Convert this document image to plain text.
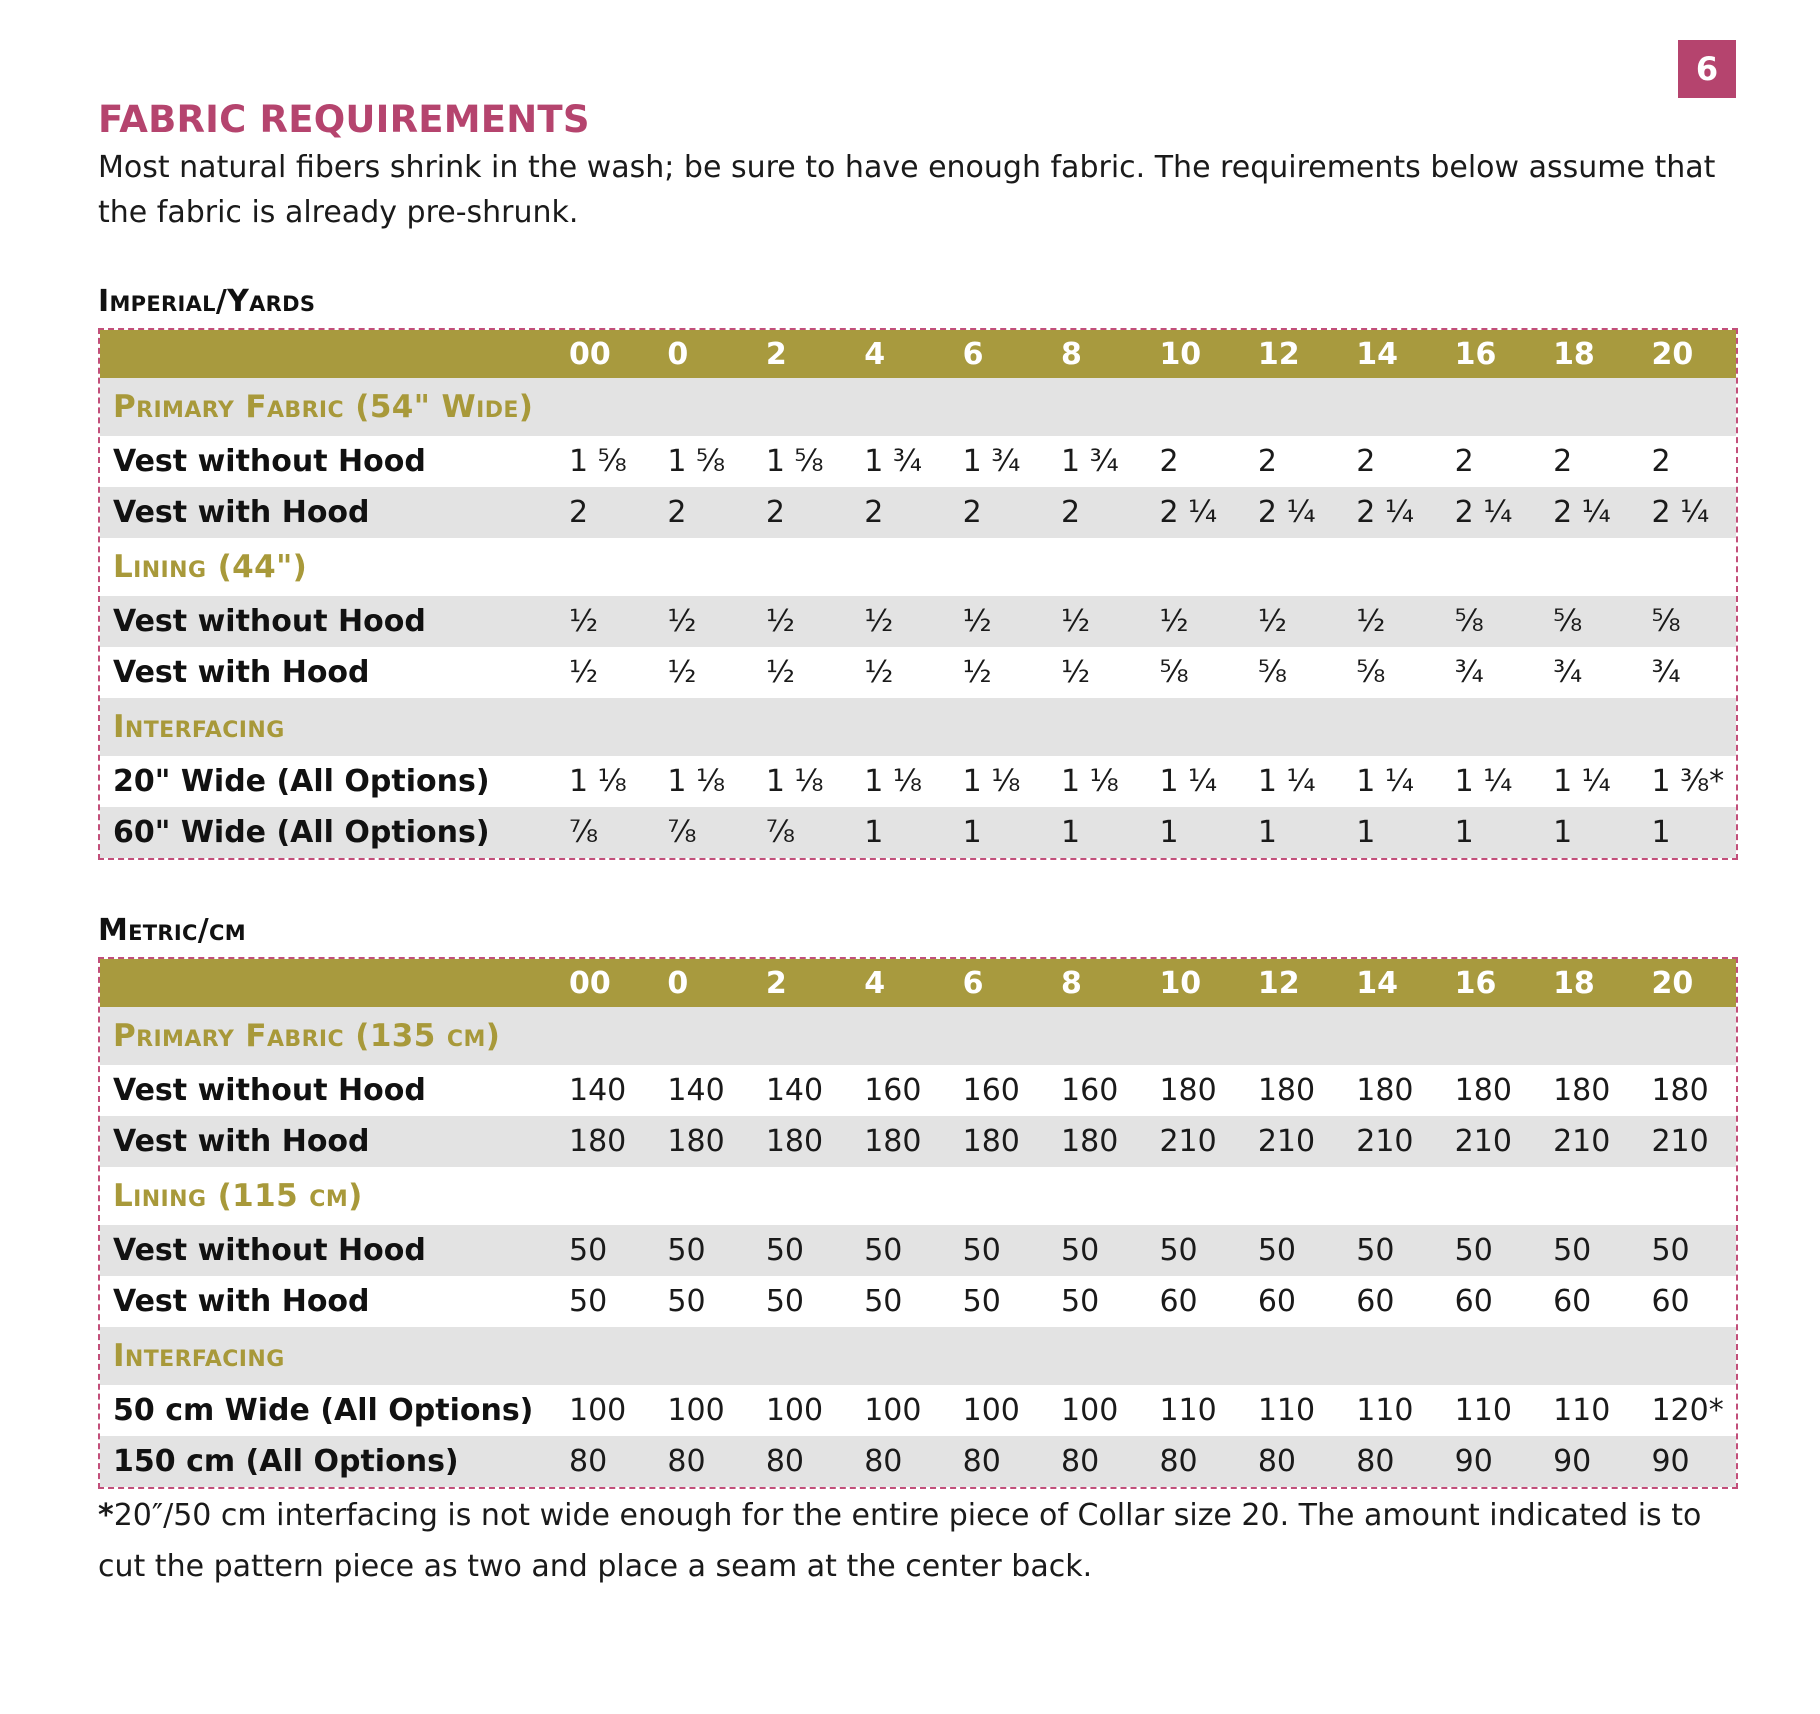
6
FABRIC REQUIREMENTS

Most natural fibers shrink in the wash; be sure to have enough fabric. The requirements below assume that the fabric is already pre-shrunk.

Imperial/Yards
	00	0	2	4	6	8	10	12	14	16	18	20
Primary Fabric (54" Wide)												
Vest without Hood	1 ⅝	1 ⅝	1 ⅝	1 ¾	1 ¾	1 ¾	2	2	2	2	2	2
Vest with Hood	2	2	2	2	2	2	2 ¼	2 ¼	2 ¼	2 ¼	2 ¼	2 ¼
Lining (44")												
Vest without Hood	½	½	½	½	½	½	½	½	½	⅝	⅝	⅝
Vest with Hood	½	½	½	½	½	½	⅝	⅝	⅝	¾	¾	¾
Interfacing												
20" Wide (All Options)	1 ⅛	1 ⅛	1 ⅛	1 ⅛	1 ⅛	1 ⅛	1 ¼	1 ¼	1 ¼	1 ¼	1 ¼	1 ⅜*
60" Wide (All Options)	⅞	⅞	⅞	1	1	1	1	1	1	1	1	1
Metric/cm
	00	0	2	4	6	8	10	12	14	16	18	20
Primary Fabric (135 cm)												
Vest without Hood	140	140	140	160	160	160	180	180	180	180	180	180
Vest with Hood	180	180	180	180	180	180	210	210	210	210	210	210
Lining (115 cm)												
Vest without Hood	50	50	50	50	50	50	50	50	50	50	50	50
Vest with Hood	50	50	50	50	50	50	60	60	60	60	60	60
Interfacing												
50 cm Wide (All Options)	100	100	100	100	100	100	110	110	110	110	110	120*
150 cm (All Options)	80	80	80	80	80	80	80	80	80	90	90	90

*20″/50 cm interfacing is not wide enough for the entire piece of Collar size 20. The amount indicated is to cut the pattern piece as two and place a seam at the center back.
